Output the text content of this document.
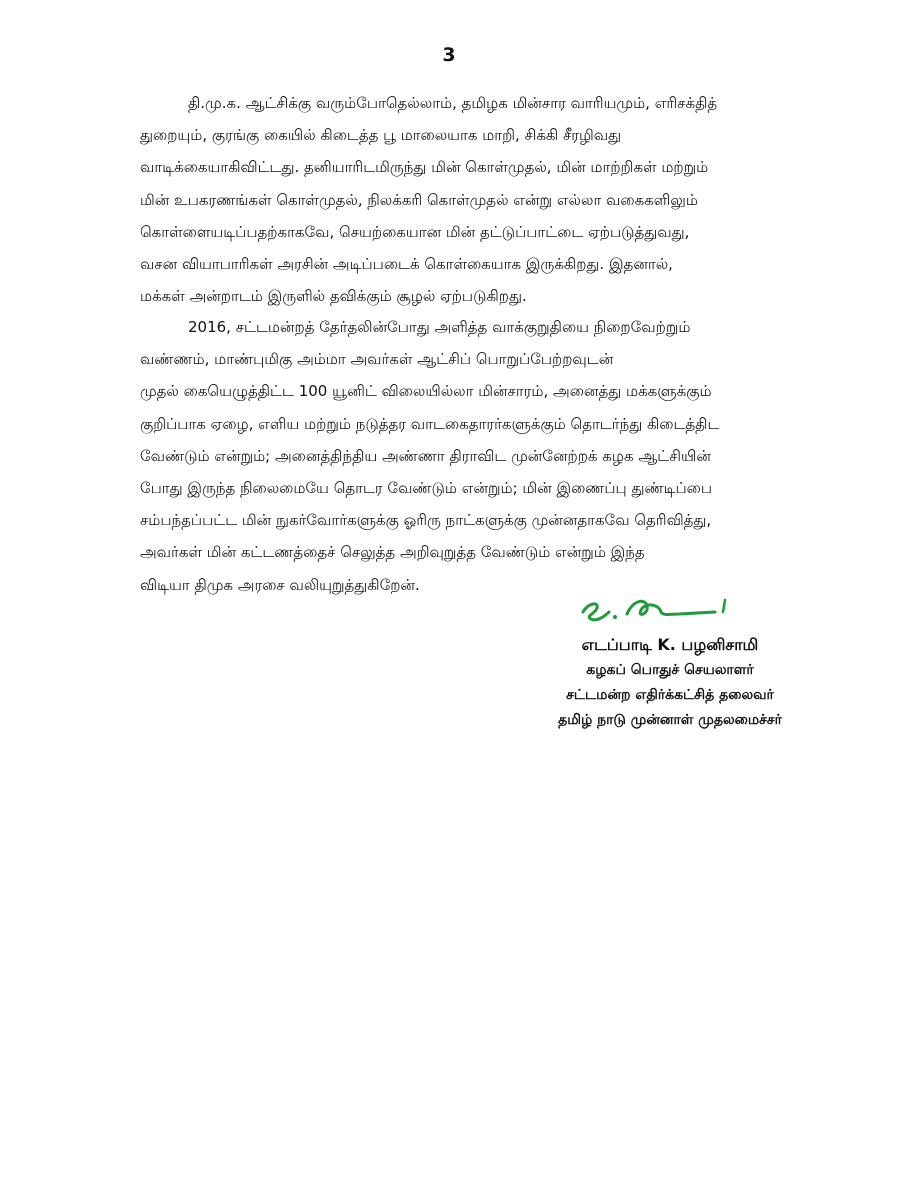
3
தி.மு.க. ஆட்சிக்கு வரும்போதெல்லாம், தமிழக மின்சார வாரியமும், எரிசக்தித்
துறையும், குரங்கு கையில் கிடைத்த பூ மாலையாக மாறி, சிக்கி சீரழிவது
வாடிக்கையாகிவிட்டது. தனியாரிடமிருந்து மின் கொள்முதல், மின் மாற்றிகள் மற்றும்
மின் உபகரணங்கள் கொள்முதல், நிலக்கரி கொள்முதல் என்று எல்லா வகைகளிலும்
கொள்ளையடிப்பதற்காகவே, செயற்கையான மின் தட்டுப்பாட்டை ஏற்படுத்துவது,
வசன வியாபாரிகள் அரசின் அடிப்படைக் கொள்கையாக இருக்கிறது. இதனால்,
மக்கள் அன்றாடம் இருளில் தவிக்கும் சூழல் ஏற்படுகிறது.
2016, சட்டமன்றத் தேர்தலின்போது அளித்த வாக்குறுதியை நிறைவேற்றும்
வண்ணம், மாண்புமிகு அம்மா அவர்கள் ஆட்சிப் பொறுப்பேற்றவுடன்
முதல் கையெழுத்திட்ட 100 யூனிட் விலையில்லா மின்சாரம், அனைத்து மக்களுக்கும்
குறிப்பாக ஏழை, எளிய மற்றும் நடுத்தர வாடகைதாரர்களுக்கும் தொடர்ந்து கிடைத்திட
வேண்டும் என்றும்; அனைத்திந்திய அண்ணா திராவிட முன்னேற்றக் கழக ஆட்சியின்
போது இருந்த நிலைமையே தொடர வேண்டும் என்றும்; மின் இணைப்பு துண்டிப்பை
சம்பந்தப்பட்ட மின் நுகர்வோர்களுக்கு ஓரிரு நாட்களுக்கு முன்னதாகவே தெரிவித்து,
அவர்கள் மின் கட்டணத்தைச் செலுத்த அறிவுறுத்த வேண்டும் என்றும் இந்த
விடியா திமுக அரசை வலியுறுத்துகிறேன்.
எடப்பாடி K. பழனிசாமி
கழகப் பொதுச் செயலாளர்
சட்டமன்ற எதிர்க்கட்சித் தலைவர்
தமிழ் நாடு முன்னாள் முதலமைச்சர்
